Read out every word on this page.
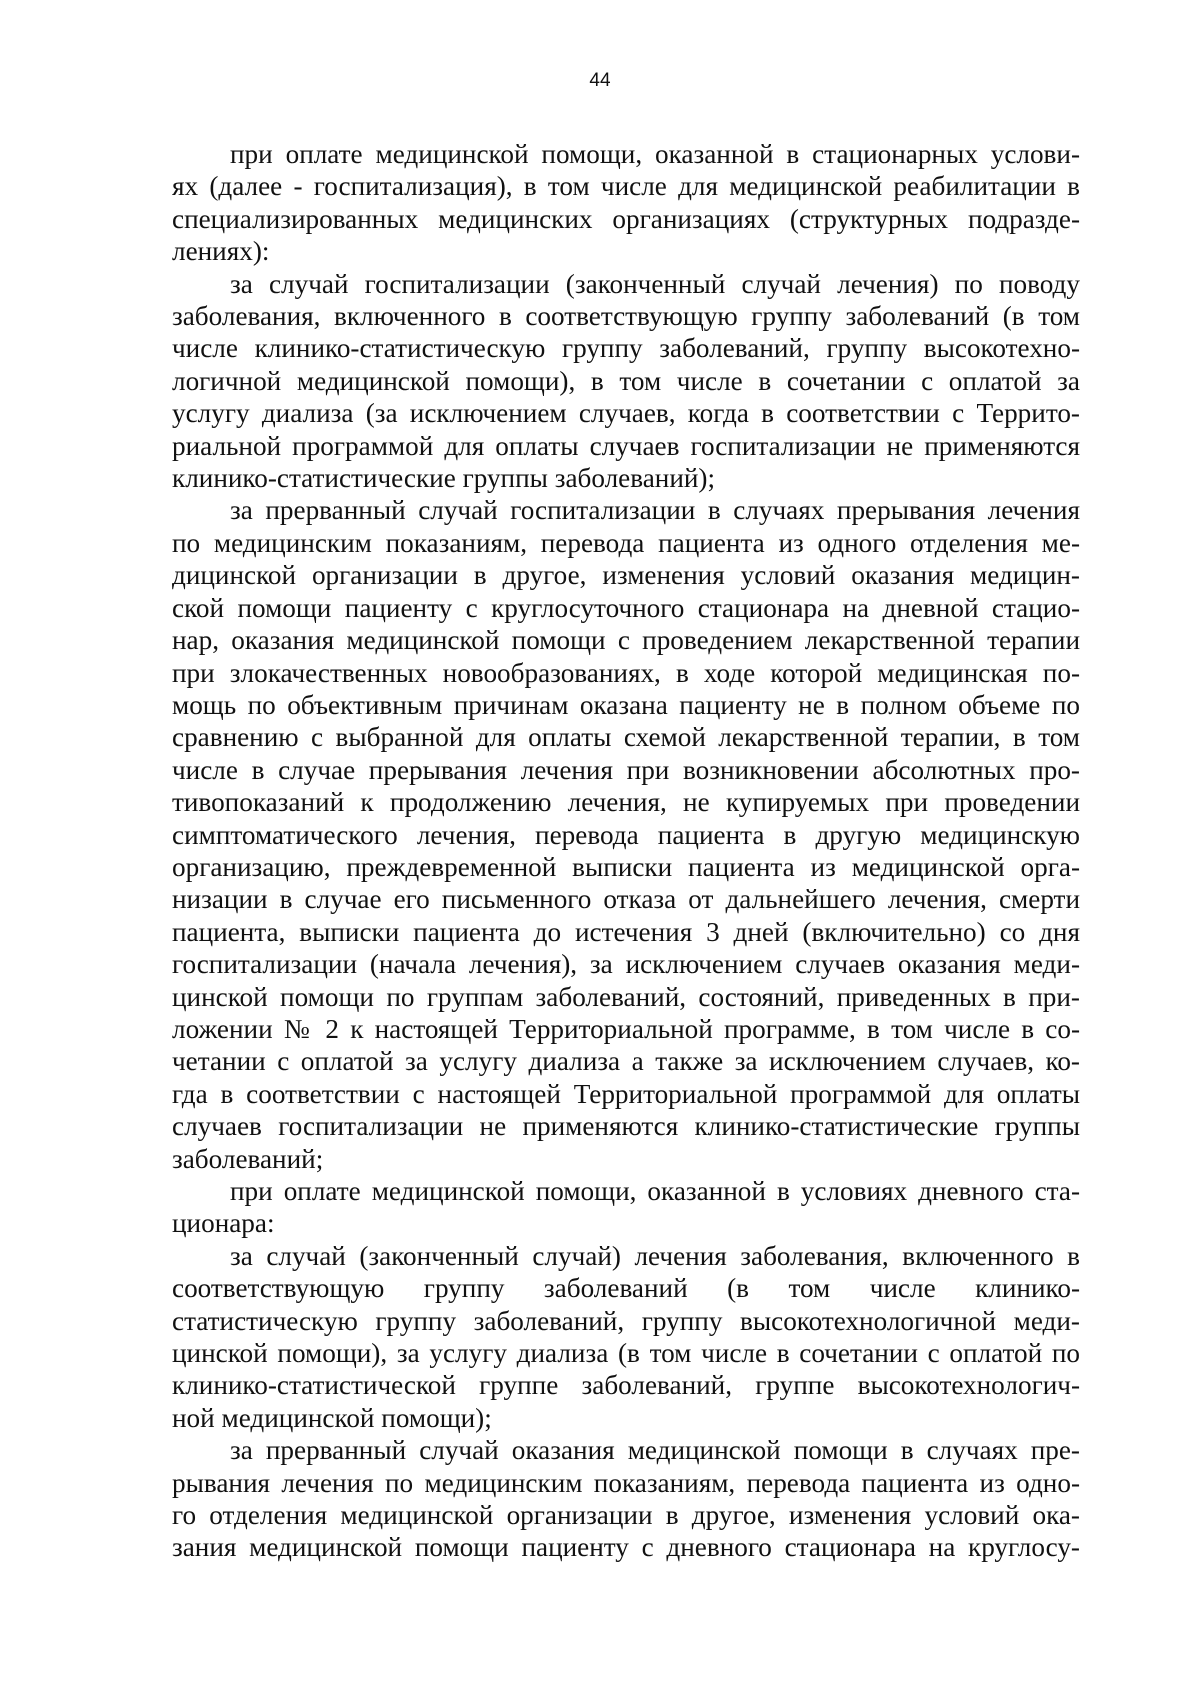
44
при оплате медицинской помощи, оказанной в стационарных услови-
ях (далее - госпитализация), в том числе для медицинской реабилитации в
специализированных медицинских организациях (структурных подразде-
лениях):
за случай госпитализации (законченный случай лечения) по поводу
заболевания, включенного в соответствующую группу заболеваний (в том
числе клинико-статистическую группу заболеваний, группу высокотехно-
логичной медицинской помощи), в том числе в сочетании с оплатой за
услугу диализа (за исключением случаев, когда в соответствии с Террито-
риальной программой для оплаты случаев госпитализации не применяются
клинико-статистические группы заболеваний);
за прерванный случай госпитализации в случаях прерывания лечения
по медицинским показаниям, перевода пациента из одного отделения ме-
дицинской организации в другое, изменения условий оказания медицин-
ской помощи пациенту с круглосуточного стационара на дневной стацио-
нар, оказания медицинской помощи с проведением лекарственной терапии
при злокачественных новообразованиях, в ходе которой медицинская по-
мощь по объективным причинам оказана пациенту не в полном объеме по
сравнению с выбранной для оплаты схемой лекарственной терапии, в том
числе в случае прерывания лечения при возникновении абсолютных про-
тивопоказаний к продолжению лечения, не купируемых при проведении
симптоматического лечения, перевода пациента в другую медицинскую
организацию, преждевременной выписки пациента из медицинской орга-
низации в случае его письменного отказа от дальнейшего лечения, смерти
пациента, выписки пациента до истечения 3 дней (включительно) со дня
госпитализации (начала лечения), за исключением случаев оказания меди-
цинской помощи по группам заболеваний, состояний, приведенных в при-
ложении № 2 к настоящей Территориальной программе, в том числе в со-
четании с оплатой за услугу диализа а также за исключением случаев, ко-
гда в соответствии с настоящей Территориальной программой для оплаты
случаев госпитализации не применяются клинико-статистические группы
заболеваний;
при оплате медицинской помощи, оказанной в условиях дневного ста-
ционара:
за случай (законченный случай) лечения заболевания, включенного в
соответствующую группу заболеваний (в том числе клинико-
статистическую группу заболеваний, группу высокотехнологичной меди-
цинской помощи), за услугу диализа (в том числе в сочетании с оплатой по
клинико-статистической группе заболеваний, группе высокотехнологич-
ной медицинской помощи);
за прерванный случай оказания медицинской помощи в случаях пре-
рывания лечения по медицинским показаниям, перевода пациента из одно-
го отделения медицинской организации в другое, изменения условий ока-
зания медицинской помощи пациенту с дневного стационара на круглосу-
